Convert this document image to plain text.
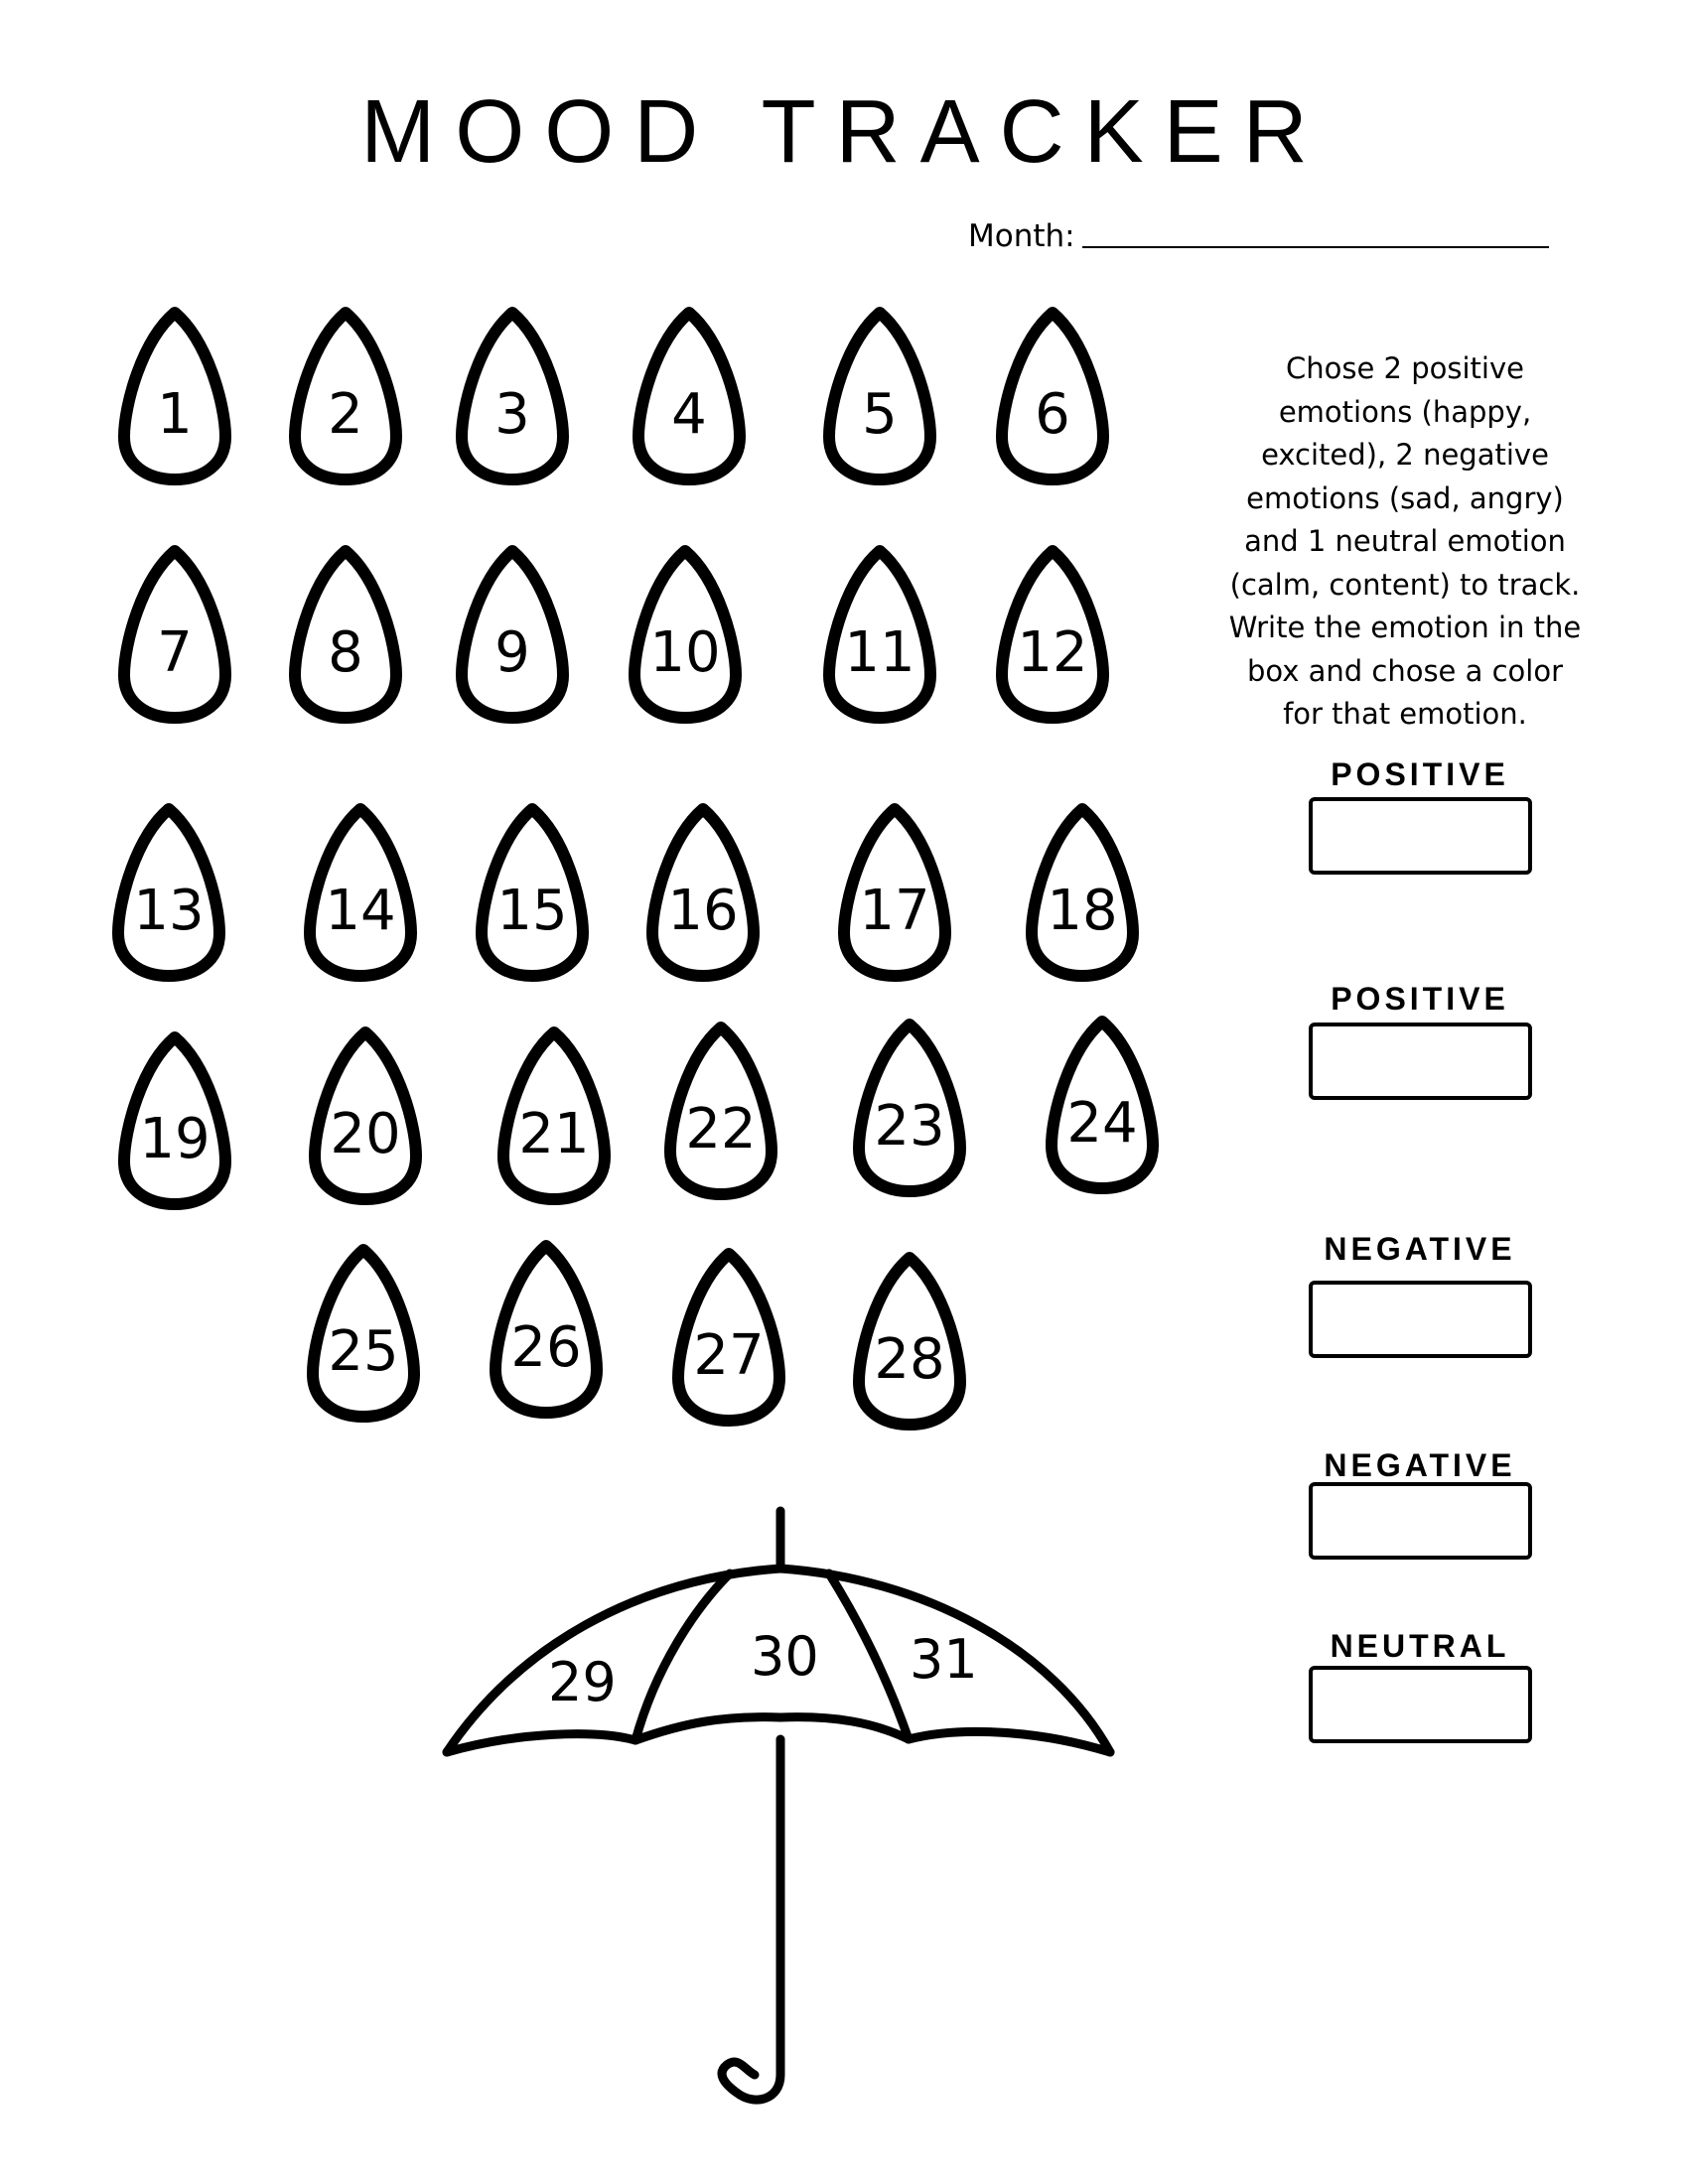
MOOD TRACKER
Month:
1	2	3	4	5	6
7	8	9	10	11	12
13	14	15	16	17	18
19	20	21	22	23	24
25	26	27	28

Chose 2 positive emotions (happy, excited), 2 negative emotions (sad, angry) and 1 neutral emotion (calm, content) to track. Write the emotion in the box and chose a color for that emotion.

POSITIVE
POSITIVE
NEGATIVE
NEGATIVE
NEUTRAL
29	30 31
